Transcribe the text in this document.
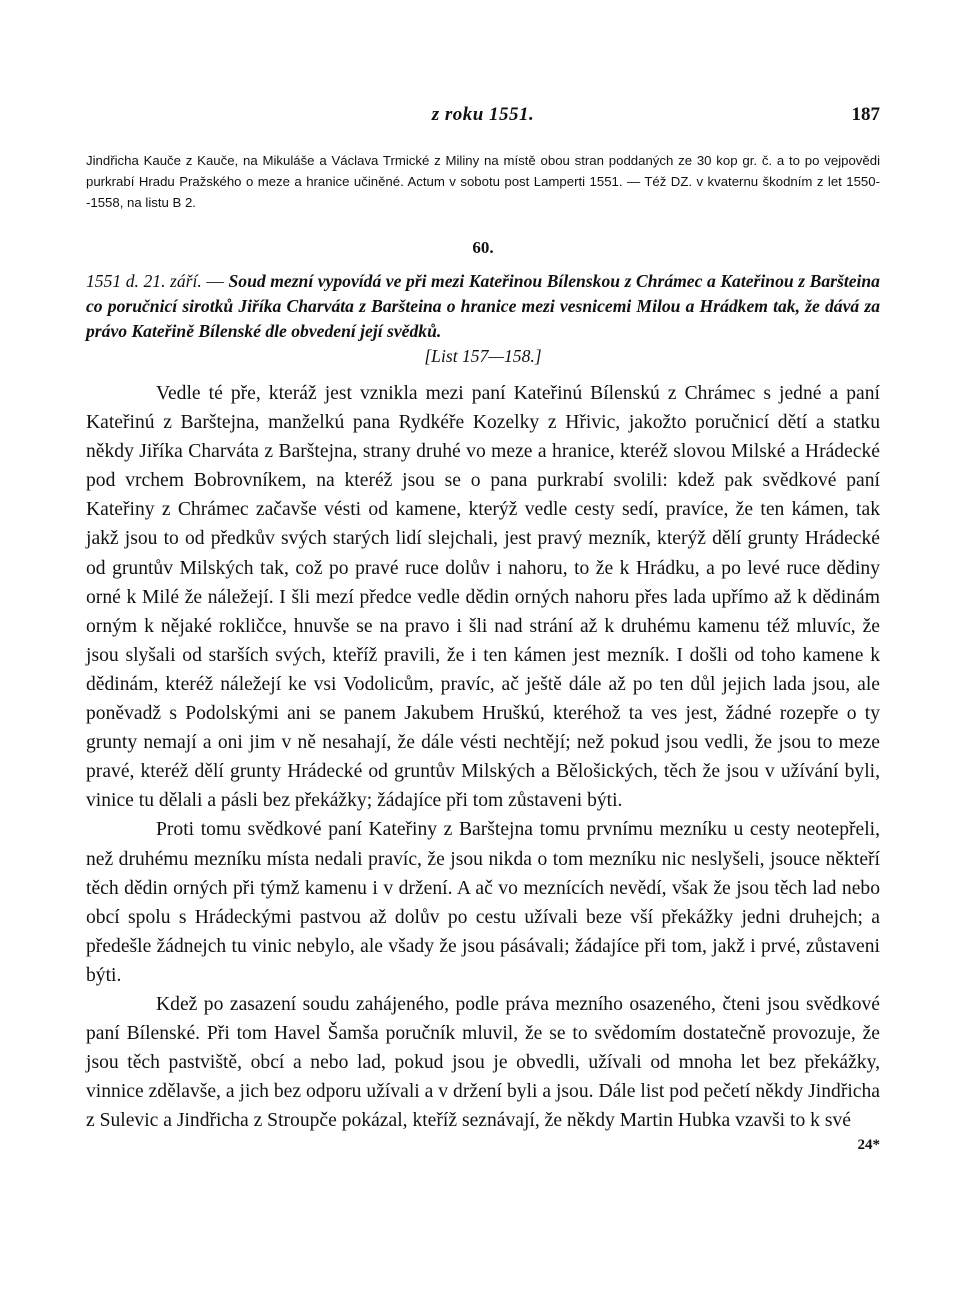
z roku 1551.	187
Jindřicha Kauče z Kauče, na Mikuláše a Václava Trmické z Miliny na místě obou stran poddaných ze 30 kop gr. č. a to po vejpovědi purkrabí Hradu Pražského o meze a hranice učiněné. Actum v sobotu post Lamperti 1551. — Též DZ. v kvaternu škodním z let 1550--1558, na listu B 2.
60.
1551 d. 21. září. — Soud mezní vypovídá ve při mezi Kateřinou Bílenskou z Chrámec a Kateřinou z Baršteina co poručnicí sirotků Jiříka Charváta z Baršteina o hranice mezi vesnicemi Milou a Hrádkem tak, že dává za právo Kateřině Bílenské dle obvedení její svědků.
[List 157—158.]

Vedle té pře, kteráž jest vznikla mezi paní Kateřinú Bílenskú z Chrámec s jedné a paní Kateřinú z Barštejna, manželkú pana Rydkéře Kozelky z Hřivic, jakožto poručnicí dětí a statku někdy Jiříka Charváta z Barštejna, strany druhé vo meze a hranice, kteréž slovou Milské a Hrádecké pod vrchem Bobrovníkem, na kteréž jsou se o pana purkrabí svolili: kdež pak svědkové paní Kateřiny z Chrámec začavše vésti od kamene, kterýž vedle cesty sedí, pravíce, že ten kámen, tak jakž jsou to od předkův svých starých lidí slejchali, jest pravý mezník, kterýž dělí grunty Hrádecké od gruntův Milských tak, což po pravé ruce dolův i nahoru, to že k Hrádku, a po levé ruce dědiny orné k Milé že náležejí. I šli mezí předce vedle dědin orných nahoru přes lada upřímo až k dědinám orným k nějaké rokličce, hnuvše se na pravo i šli nad strání až k druhému kamenu též mluvíc, že jsou slyšali od starších svých, kteříž pravili, že i ten kámen jest mezník. I došli od toho kamene k dědinám, kteréž náležejí ke vsi Vodolicům, pravíc, ač ještě dále až po ten důl jejich lada jsou, ale poněvadž s Podolskými ani se panem Jakubem Hruškú, kteréhož ta ves jest, žádné rozepře o ty grunty nemají a oni jim v ně nesahají, že dále vésti nechtějí; než pokud jsou vedli, že jsou to meze pravé, kteréž dělí grunty Hrádecké od gruntův Milských a Bělošických, těch že jsou v užívání byli, vinice tu dělali a pásli bez překážky; žádajíce při tom zůstaveni býti.

Proti tomu svědkové paní Kateřiny z Barštejna tomu prvnímu mezníku u cesty neotepřeli, než druhému mezníku místa nedali pravíc, že jsou nikda o tom mezníku nic neslyšeli, jsouce někteří těch dědin orných při týmž kamenu i v držení. A ač vo meznících nevědí, však že jsou těch lad nebo obcí spolu s Hrádeckými pastvou až dolův po cestu užívali beze vší překážky jedni druhejch; a předešle žádnejch tu vinic nebylo, ale všady že jsou pásávali; žádajíce při tom, jakž i prvé, zůstaveni býti.

Kdež po zasazení soudu zahájeného, podle práva mezního osazeného, čteni jsou svědkové paní Bílenské. Při tom Havel Šamša poručník mluvil, že se to svědomím dostatečně provozuje, že jsou těch pastviště, obcí a nebo lad, pokud jsou je obvedli, užívali od mnoha let bez překážky, vinnice zdělavše, a jich bez odporu užívali a v držení byli a jsou. Dále list pod pečetí někdy Jindřicha z Sulevic a Jindřicha z Stroupče pokázal, kteříž seznávají, že někdy Martin Hubka vzavši to k své

24*
